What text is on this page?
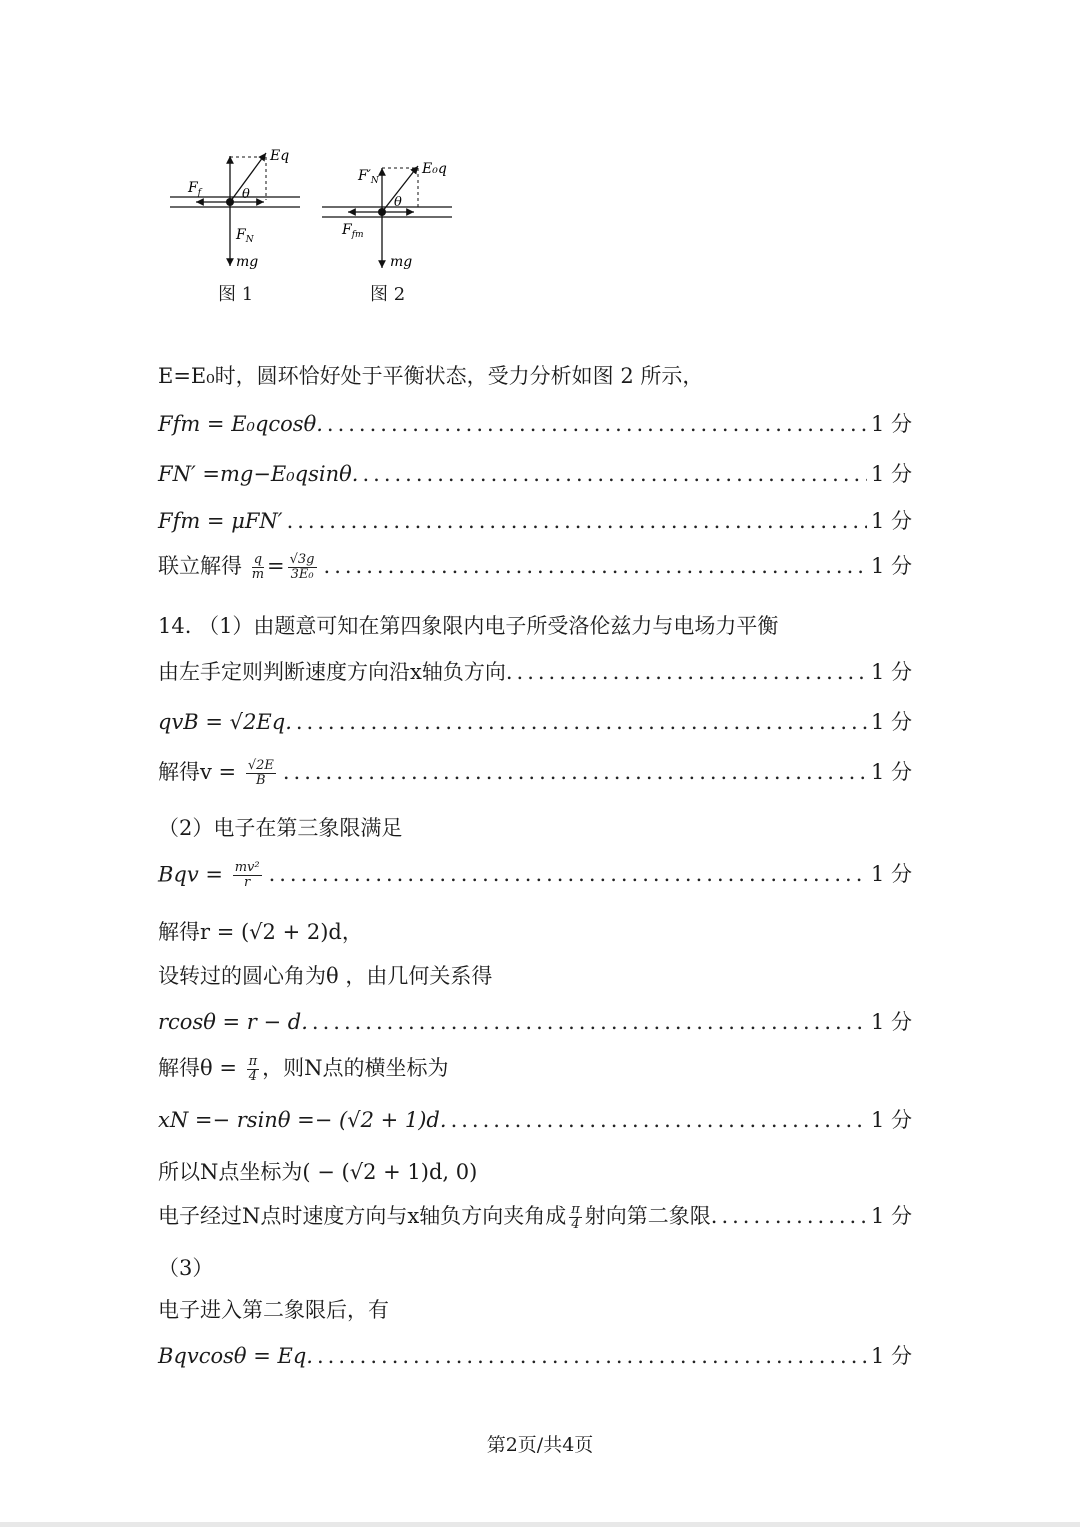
Eq
$F_f$	θ
$F_N$
mg
E₀q
$F'_N$
θ
$F_{fm}$
mg
图 1	图 2
E=E₀时，圆环恰好处于平衡状态，受力分析如图 2 所示，
Ffm = E₀qcosθ. .....	1 分
FN′ =mg−E₀qsinθ. .....	1 分
Ffm = μFN′ .....	1 分
联立解得 $\frac{q}{m} = \frac{√3g}{\text{3E₀}}$ .....	1 分
14. （1）由题意可知在第四象限内电子所受洛伦兹力与电场力平衡
由左手定则判断速度方向沿x轴负方向. .....	1 分
qvB = √2Eq. .....	1 分
解得$v = \frac{√2E}{B}$ .....	1 分
（2）电子在第三象限满足
Bqv = $\frac{\text{mv²}}{r}$ .....	1 分
解得r = (√2 + 2)d，
设转过的圆心角为θ ，由几何关系得
rcosθ = r − d. .....	1 分
解得$\theta = \frac{\pi}{4}$ ，则N点的横坐标为
xN =− rsinθ =− (√2 + 1)d. .....	1 分
所以N点坐标为( − (√2 + 1)d, 0)
电子经过N点时速度方向与x轴负方向夹角成 $\frac{\pi}{4}$ 射向第二象限. .....	1 分
（3）
电子进入第二象限后，有
Bqvcosθ = Eq. .....	1 分
第2页/共4页
